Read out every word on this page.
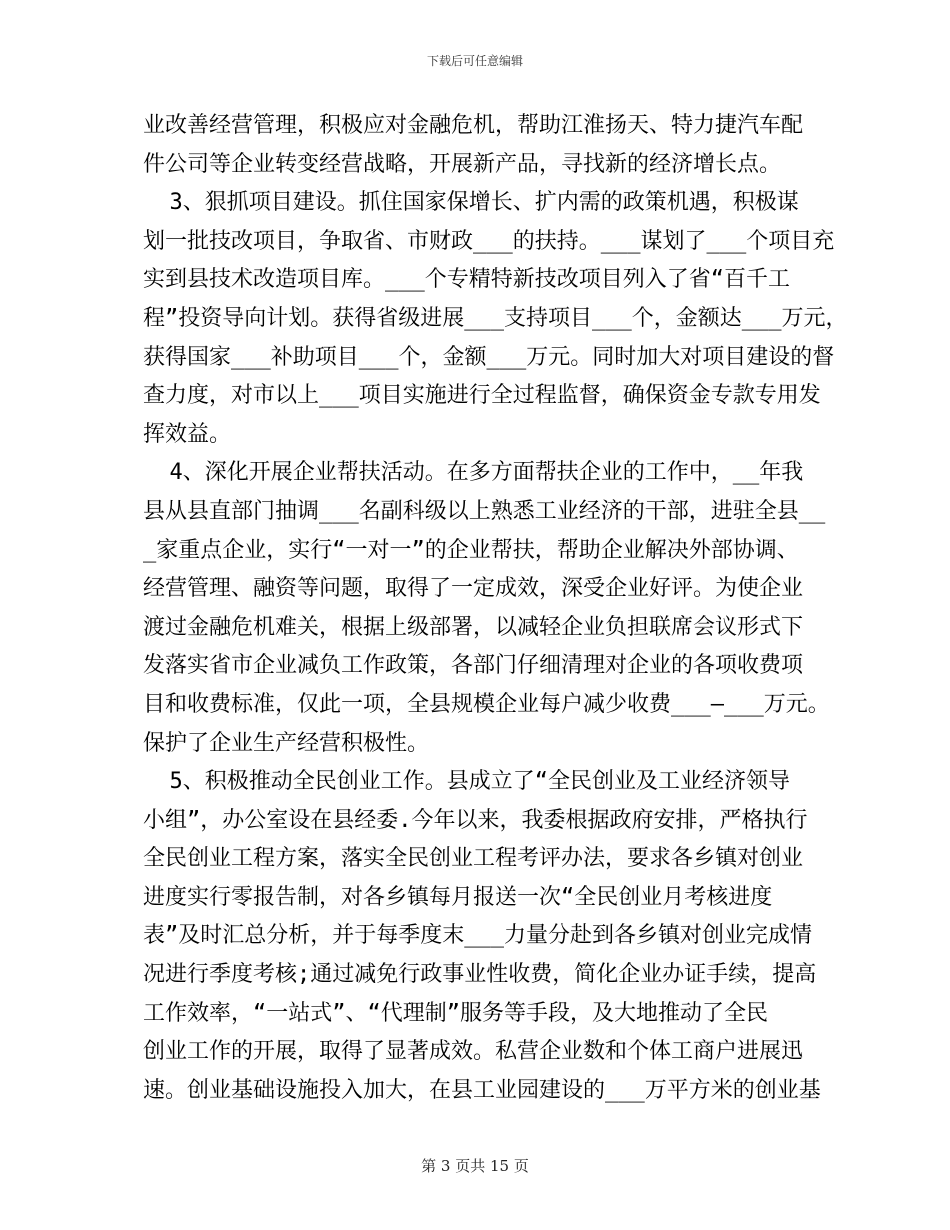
下载后可任意编辑
业改善经营管理，积极应对金融危机，帮助江淮扬天、特力捷汽车配
件公司等企业转变经营战略，开展新产品，寻找新的经济增长点。
3、狠抓项目建设。抓住国家保增长、扩内需的政策机遇，积极谋
划一批技改项目，争取省、市财政___的扶持。___谋划了___个项目充
实到县技术改造项目库。___个专精特新技改项目列入了省“百千工
程”投资导向计划。获得省级进展___支持项目___个，金额达___万元，
获得国家___补助项目___个，金额___万元。同时加大对项目建设的督
查力度，对市以上___项目实施进行全过程监督，确保资金专款专用发
挥效益。
4、深化开展企业帮扶活动。在多方面帮扶企业的工作中，__年我
县从县直部门抽调___名副科级以上熟悉工业经济的干部，进驻全县__
_家重点企业，实行“一对一”的企业帮扶，帮助企业解决外部协调、
经营管理、融资等问题，取得了一定成效，深受企业好评。为使企业
渡过金融危机难关，根据上级部署，以减轻企业负担联席会议形式下
发落实省市企业减负工作政策，各部门仔细清理对企业的各项收费项
目和收费标准，仅此一项，全县规模企业每户减少收费___—___万元。
保护了企业生产经营积极性。
5、积极推动全民创业工作。县成立了“全民创业及工业经济领导
小组”，办公室设在县经委.今年以来，我委根据政府安排，严格执行
全民创业工程方案，落实全民创业工程考评办法，要求各乡镇对创业
进度实行零报告制，对各乡镇每月报送一次“全民创业月考核进度
表”及时汇总分析，并于每季度末___力量分赴到各乡镇对创业完成情
况进行季度考核;通过减免行政事业性收费，简化企业办证手续，提高
工作效率，“一站式”、“代理制”服务等手段，及大地推动了全民
创业工作的开展，取得了显著成效。私营企业数和个体工商户进展迅
速。创业基础设施投入加大，在县工业园建设的___万平方米的创业基
第 3 页共 15 页
